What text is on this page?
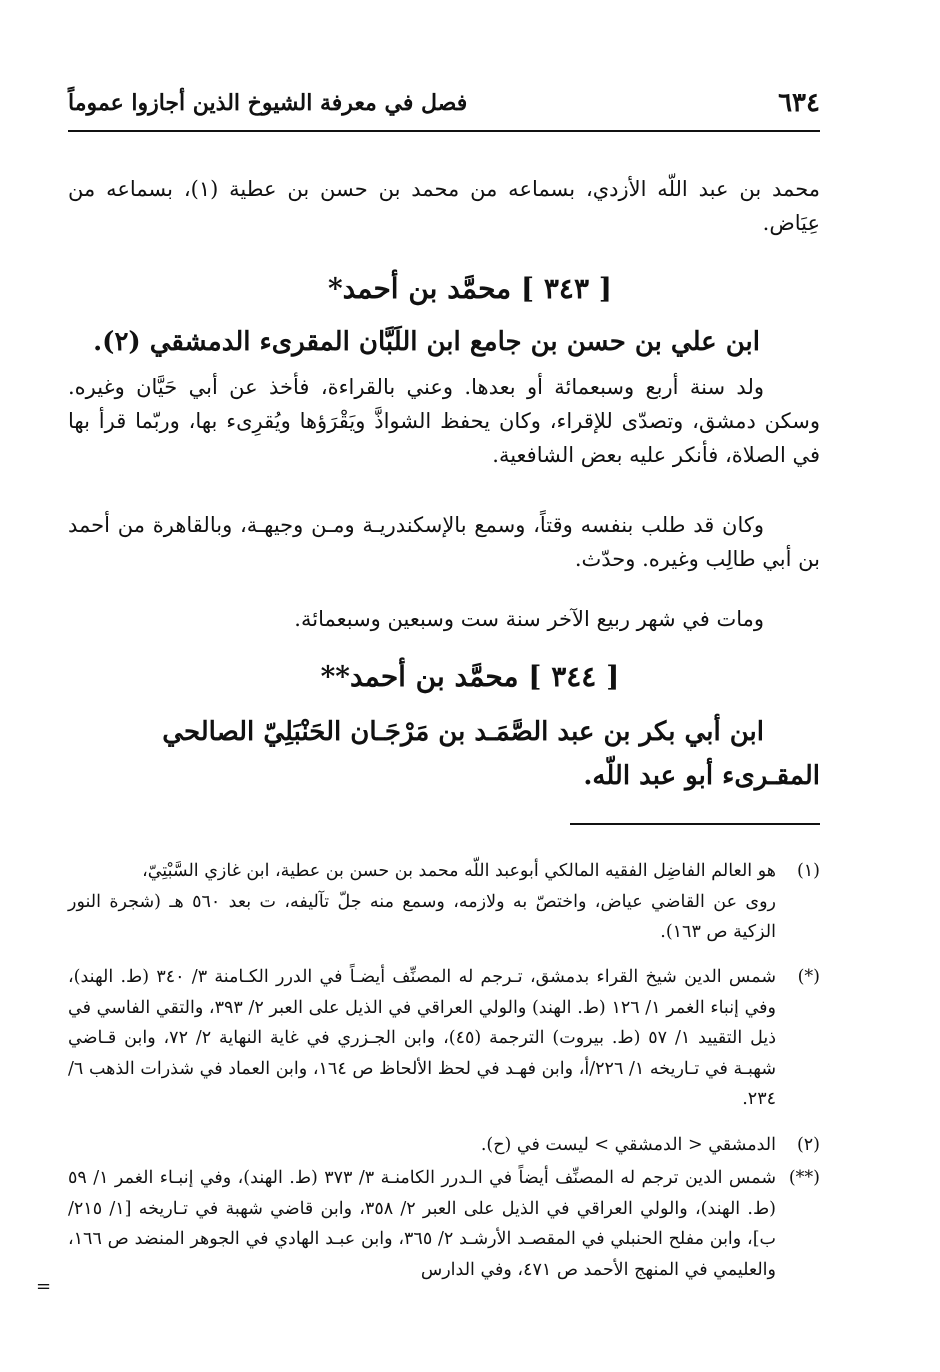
٦٣٤
فصل في معرفة الشيوخ الذين أجازوا عموماً
محمد بن عبد اللّه الأزدي، بسماعه من محمد بن حسن بن عطية (١)، بسماعه من عِيَاض.
[ ٣٤٣ ] محمَّد بن أحمد*
ابن علي بن حسن بن جامع ابن اللَبَّان المقرىء الدمشقي (٢).
ولد سنة أربع وسبعمائة أو بعدها. وعني بالقراءة، فأخذ عن أبي حَيَّان وغيره. وسكن دمشق، وتصدّى للإقراء، وكان يحفظ الشواذَّ ويَقْرَؤها ويُقرِىء بها، وربّما قرأ بها في الصلاة، فأنكر عليه بعض الشافعية.
وكان قد طلب بنفسه وقتاً، وسمع بالإسكندريـة ومـن وجيهـة، وبالقاهرة من أحمد بن أبي طالِب وغيره. وحدّث.
ومات في شهر ربيع الآخر سنة ست وسبعين وسبعمائة.
[ ٣٤٤ ] محمَّد بن أحمد**
ابن أبي بكر بن عبد الصَّمَـد بن مَرْجَـان الحَنْبَلِيّ الصالحي المقـرىء أبو عبد اللّه.
(١)هو العالم الفاضِل الفقيه المالكي أبوعبد اللّه محمد بن حسن بن عطية، ابن غازي السَّبْتِيّ،
روى عن القاضي عياض، واختصّ به ولازمه، وسمع منه جلّ تآليفه، ت بعد ٥٦٠ هـ (شجرة النور الزكية ص ١٦٣).
(*)
شمس الدين شيخ القراء بدمشق، تـرجم له المصنِّف أيضـاً في الدرر الكـامنة ٣/ ٣٤٠ (ط. الهند)، وفي إنباء الغمر ١/ ١٢٦ (ط. الهند) والولي العراقي في الذيل على العبر ٢/ ٣٩٣، والتقي الفاسي في ذيل التقييد ١/ ٥٧ (ط. بيروت) الترجمة (٤٥)، وابن الجـزري في غاية النهاية ٢/ ٧٢، وابن قـاضي شهبـة في تـاريخه ١/ ٢٢٦/أ، وابن فهـد في لحظ الألحاظ ص ١٦٤، وابن العماد في شذرات الذهب ٦/ ٢٣٤.
(٢)
الدمشقي < الدمشقي > ليست في (ح).
(**)
شمس الدين ترجم له المصنِّف أيضاً في الـدرر الكامنـة ٣/ ٣٧٣ (ط. الهند)، وفي إنبـاء الغمر ١/ ٥٩ (ط. الهند)، والولي العراقي في الذيل على العبر ٢/ ٣٥٨، وابن قاضي شهبة في تـاريخه [١/ ٢١٥/ب]، وابن مفلح الحنبلي في المقصـد الأرشـد ٢/ ٣٦٥، وابن عبـد الهادي في الجوهر المنضد ص ١٦٦، والعليمي في المنهج الأحمد ص ٤٧١، وفي الدارس
=
